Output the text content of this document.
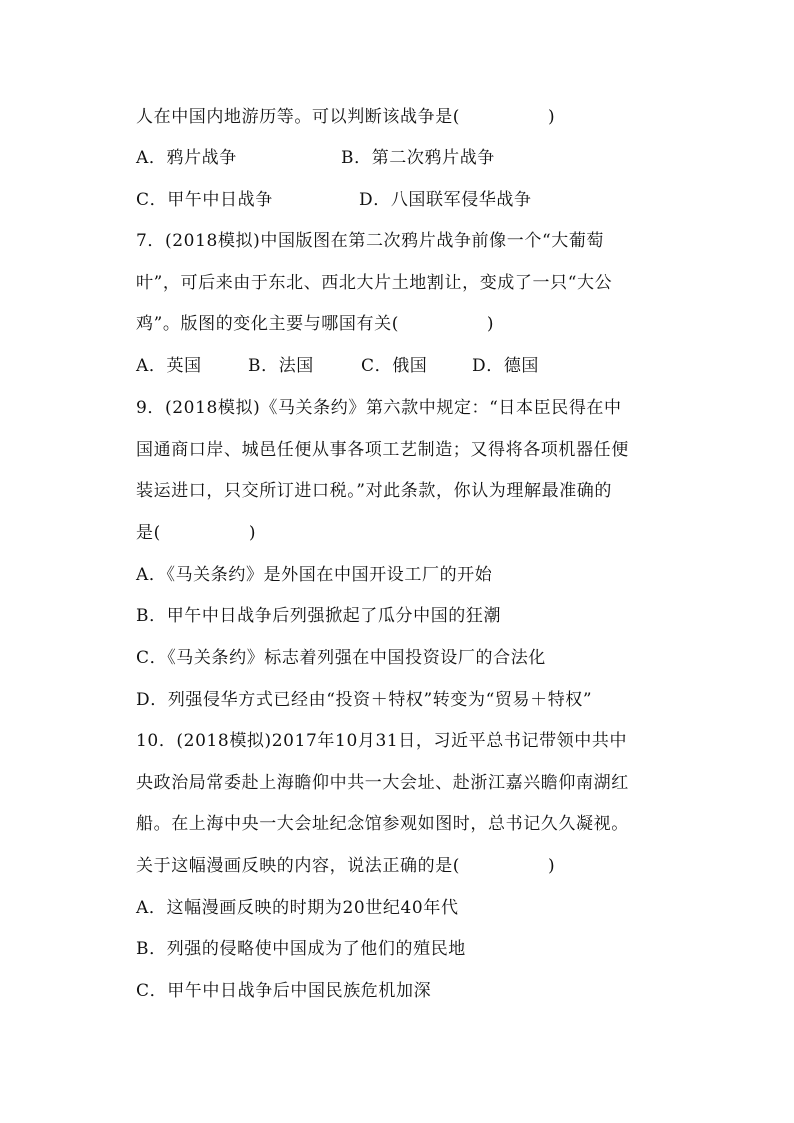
人在中国内地游历等。可以判断该战争是(　　　　　)
A．鸦片战争	B．第二次鸦片战争
C．甲午中日战争	D．八国联军侵华战争
7．(2018模拟)中国版图在第二次鸦片战争前像一个“大葡萄
叶”，可后来由于东北、西北大片土地割让，变成了一只“大公
鸡”。版图的变化主要与哪国有关(　　　　　)
A．英国	B．法国	C．俄国	D．德国
9．(2018模拟)《马关条约》第六款中规定：“日本臣民得在中
国通商口岸、城邑任便从事各项工艺制造；又得将各项机器任便
装运进口，只交所订进口税。”对此条款，你认为理解最准确的
是(　　　　　)
A．《马关条约》是外国在中国开设工厂的开始
B．甲午中日战争后列强掀起了瓜分中国的狂潮
C．《马关条约》标志着列强在中国投资设厂的合法化
D．列强侵华方式已经由“投资＋特权”转变为“贸易＋特权”
10．(2018模拟)2017年10月31日，习近平总书记带领中共中
央政治局常委赴上海瞻仰中共一大会址、赴浙江嘉兴瞻仰南湖红
船。在上海中央一大会址纪念馆参观如图时，总书记久久凝视。
关于这幅漫画反映的内容，说法正确的是(　　　　　)
A．这幅漫画反映的时期为20世纪40年代
B．列强的侵略使中国成为了他们的殖民地
C．甲午中日战争后中国民族危机加深
